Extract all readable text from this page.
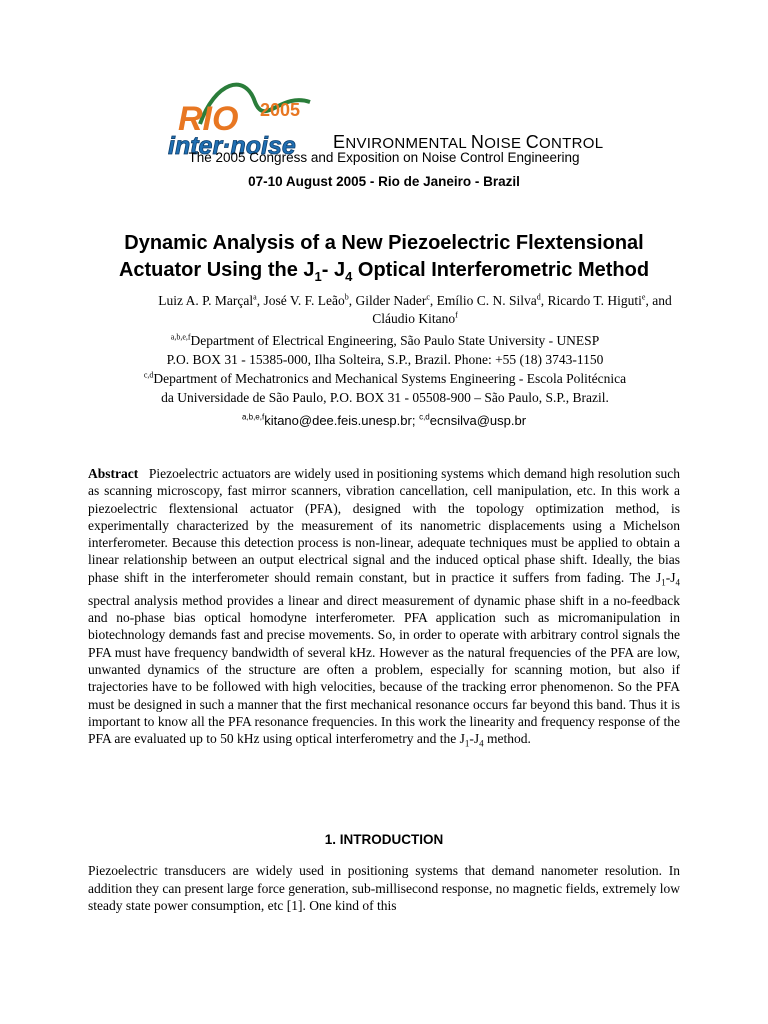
RIO 2005
inter·noise ENVIRONMENTAL NOISE CONTROL
The 2005 Congress and Exposition on Noise Control Engineering
07-10 August 2005 - Rio de Janeiro - Brazil
Dynamic Analysis of a New Piezoelectric Flextensional
Actuator Using the $J_1-$ $J_4$ Optical Interferometric Method
Luiz A. P. Marçal$^a$, José V. F. Leão$^b$, Gilder Nader$^c$, Emílio C. N. Silva$^d$, Ricardo T. Higuti$^e$, and Cláudio Kitano$^f$
$^{a,b,e,f}$Department of Electrical Engineering, São Paulo State University - UNESP
P.O. BOX 31 - 15385-000, Ilha Solteira, S.P., Brazil. Phone: +55 (18) 3743-1150
$^{c,d}$Department of Mechatronics and Mechanical Systems Engineering - Escola Politécnica
da Universidade de São Paulo, P.O. BOX 31 - 05508-900 – São Paulo, S.P., Brazil.
$^{a,b,e,f}$kitano@dee.feis.unesp.br; $^{c,d}$ecnsilva@usp.br
Abstract Piezoelectric actuators are widely used in positioning systems which demand high resolution such as scanning microscopy, fast mirror scanners, vibration cancellation, cell manipulation, etc. In this work a piezoelectric flextensional actuator (PFA), designed with the topology optimization method, is experimentally characterized by the measurement of its nanometric displacements using a Michelson interferometer. Because this detection process is non-linear, adequate techniques must be applied to obtain a linear relationship between an output electrical signal and the induced optical phase shift. Ideally, the bias phase shift in the interferometer should remain constant, but in practice it suffers from fading. The $J_1-J_4$ spectral analysis method provides a linear and direct measurement of dynamic phase shift in a no-feedback and no-phase bias optical homodyne interferometer. PFA application such as micromanipulation in biotechnology demands fast and precise movements. So, in order to operate with arbitrary control signals the PFA must have frequency bandwidth of several kHz. However as the natural frequencies of the PFA are low, unwanted dynamics of the structure are often a problem, especially for scanning motion, but also if trajectories have to be followed with high velocities, because of the tracking error phenomenon. So the PFA must be designed in such a manner that the first mechanical resonance occurs far beyond this band. Thus it is important to know all the PFA resonance frequencies. In this work the linearity and frequency response of the PFA are evaluated up to 50 kHz using optical interferometry and the $J_1-J_4$ method.
1. INTRODUCTION
Piezoelectric transducers are widely used in positioning systems that demand nanometer resolution. In addition they can present large force generation, sub-millisecond response, no magnetic fields, extremely low steady state power consumption, etc [1]. One kind of this
